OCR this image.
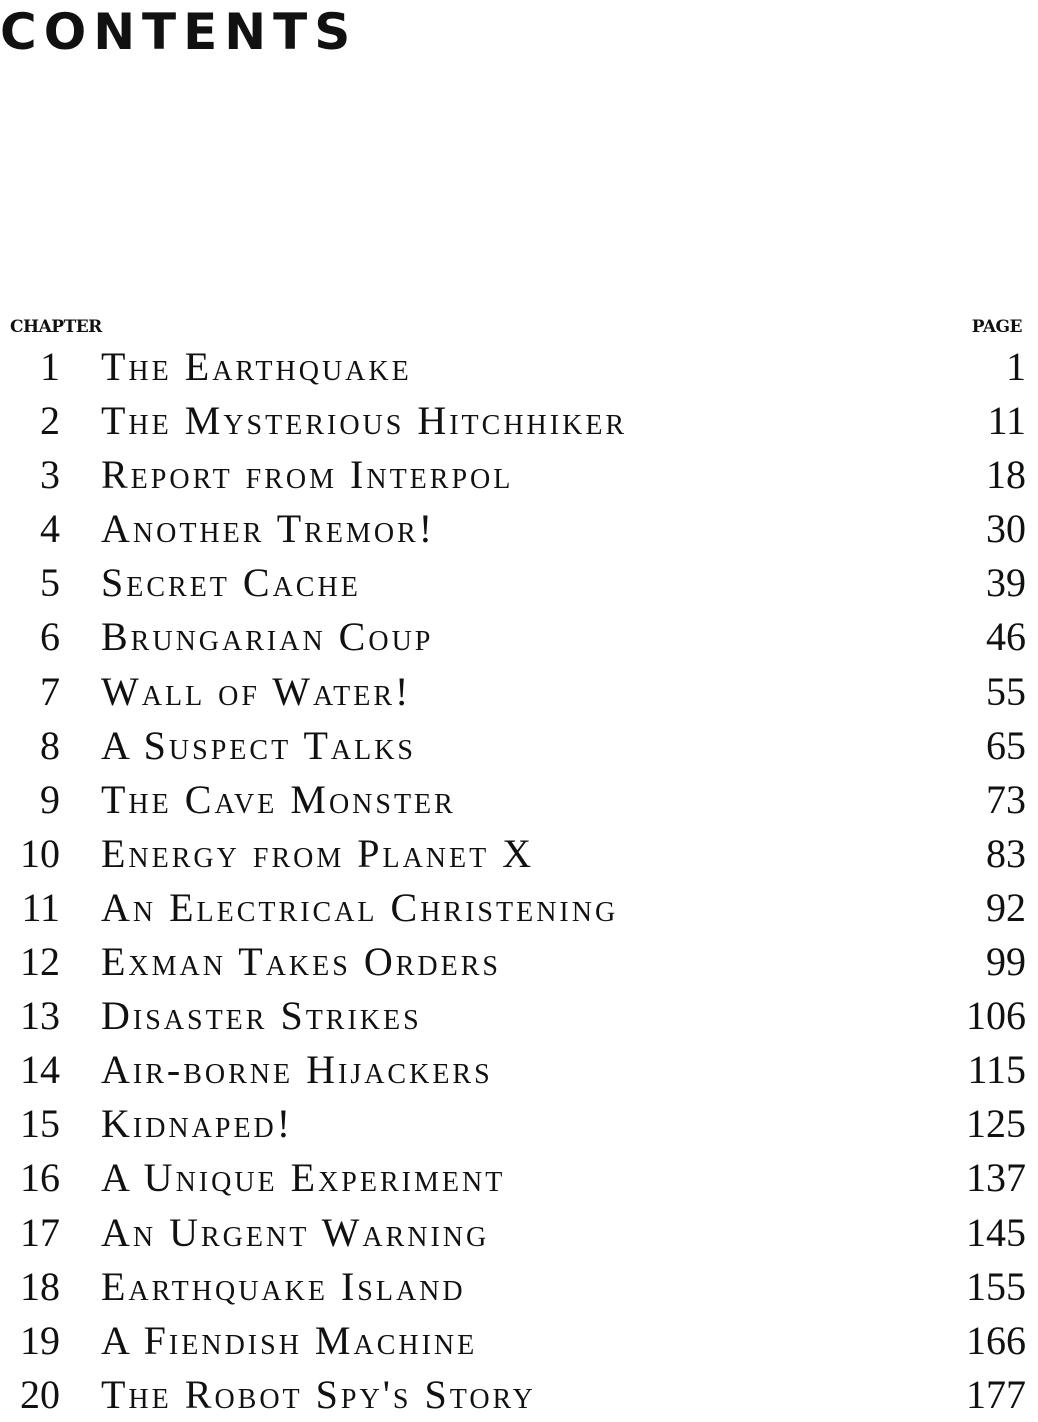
CONTENTS
CHAPTER	PAGE
1 The Earthquake	1
2 The Mysterious Hitchhiker	11
3 Report from Interpol	18
4 Another Tremor!	30
5 Secret Cache	39
6 Brungarian Coup	46
7 Wall of Water!	55
8 A Suspect Talks	65
9 The Cave Monster	73
10 Energy from Planet X	83
11 An Electrical Christening	92
12 Exman Takes Orders	99
13 Disaster Strikes	106
14 Air-borne Hijackers	115
15 Kidnaped!	125
16 A Unique Experiment	137
17 An Urgent Warning	145
18 Earthquake Island	155
19 A Fiendish Machine	166
20 The Robot Spy's Story	177
